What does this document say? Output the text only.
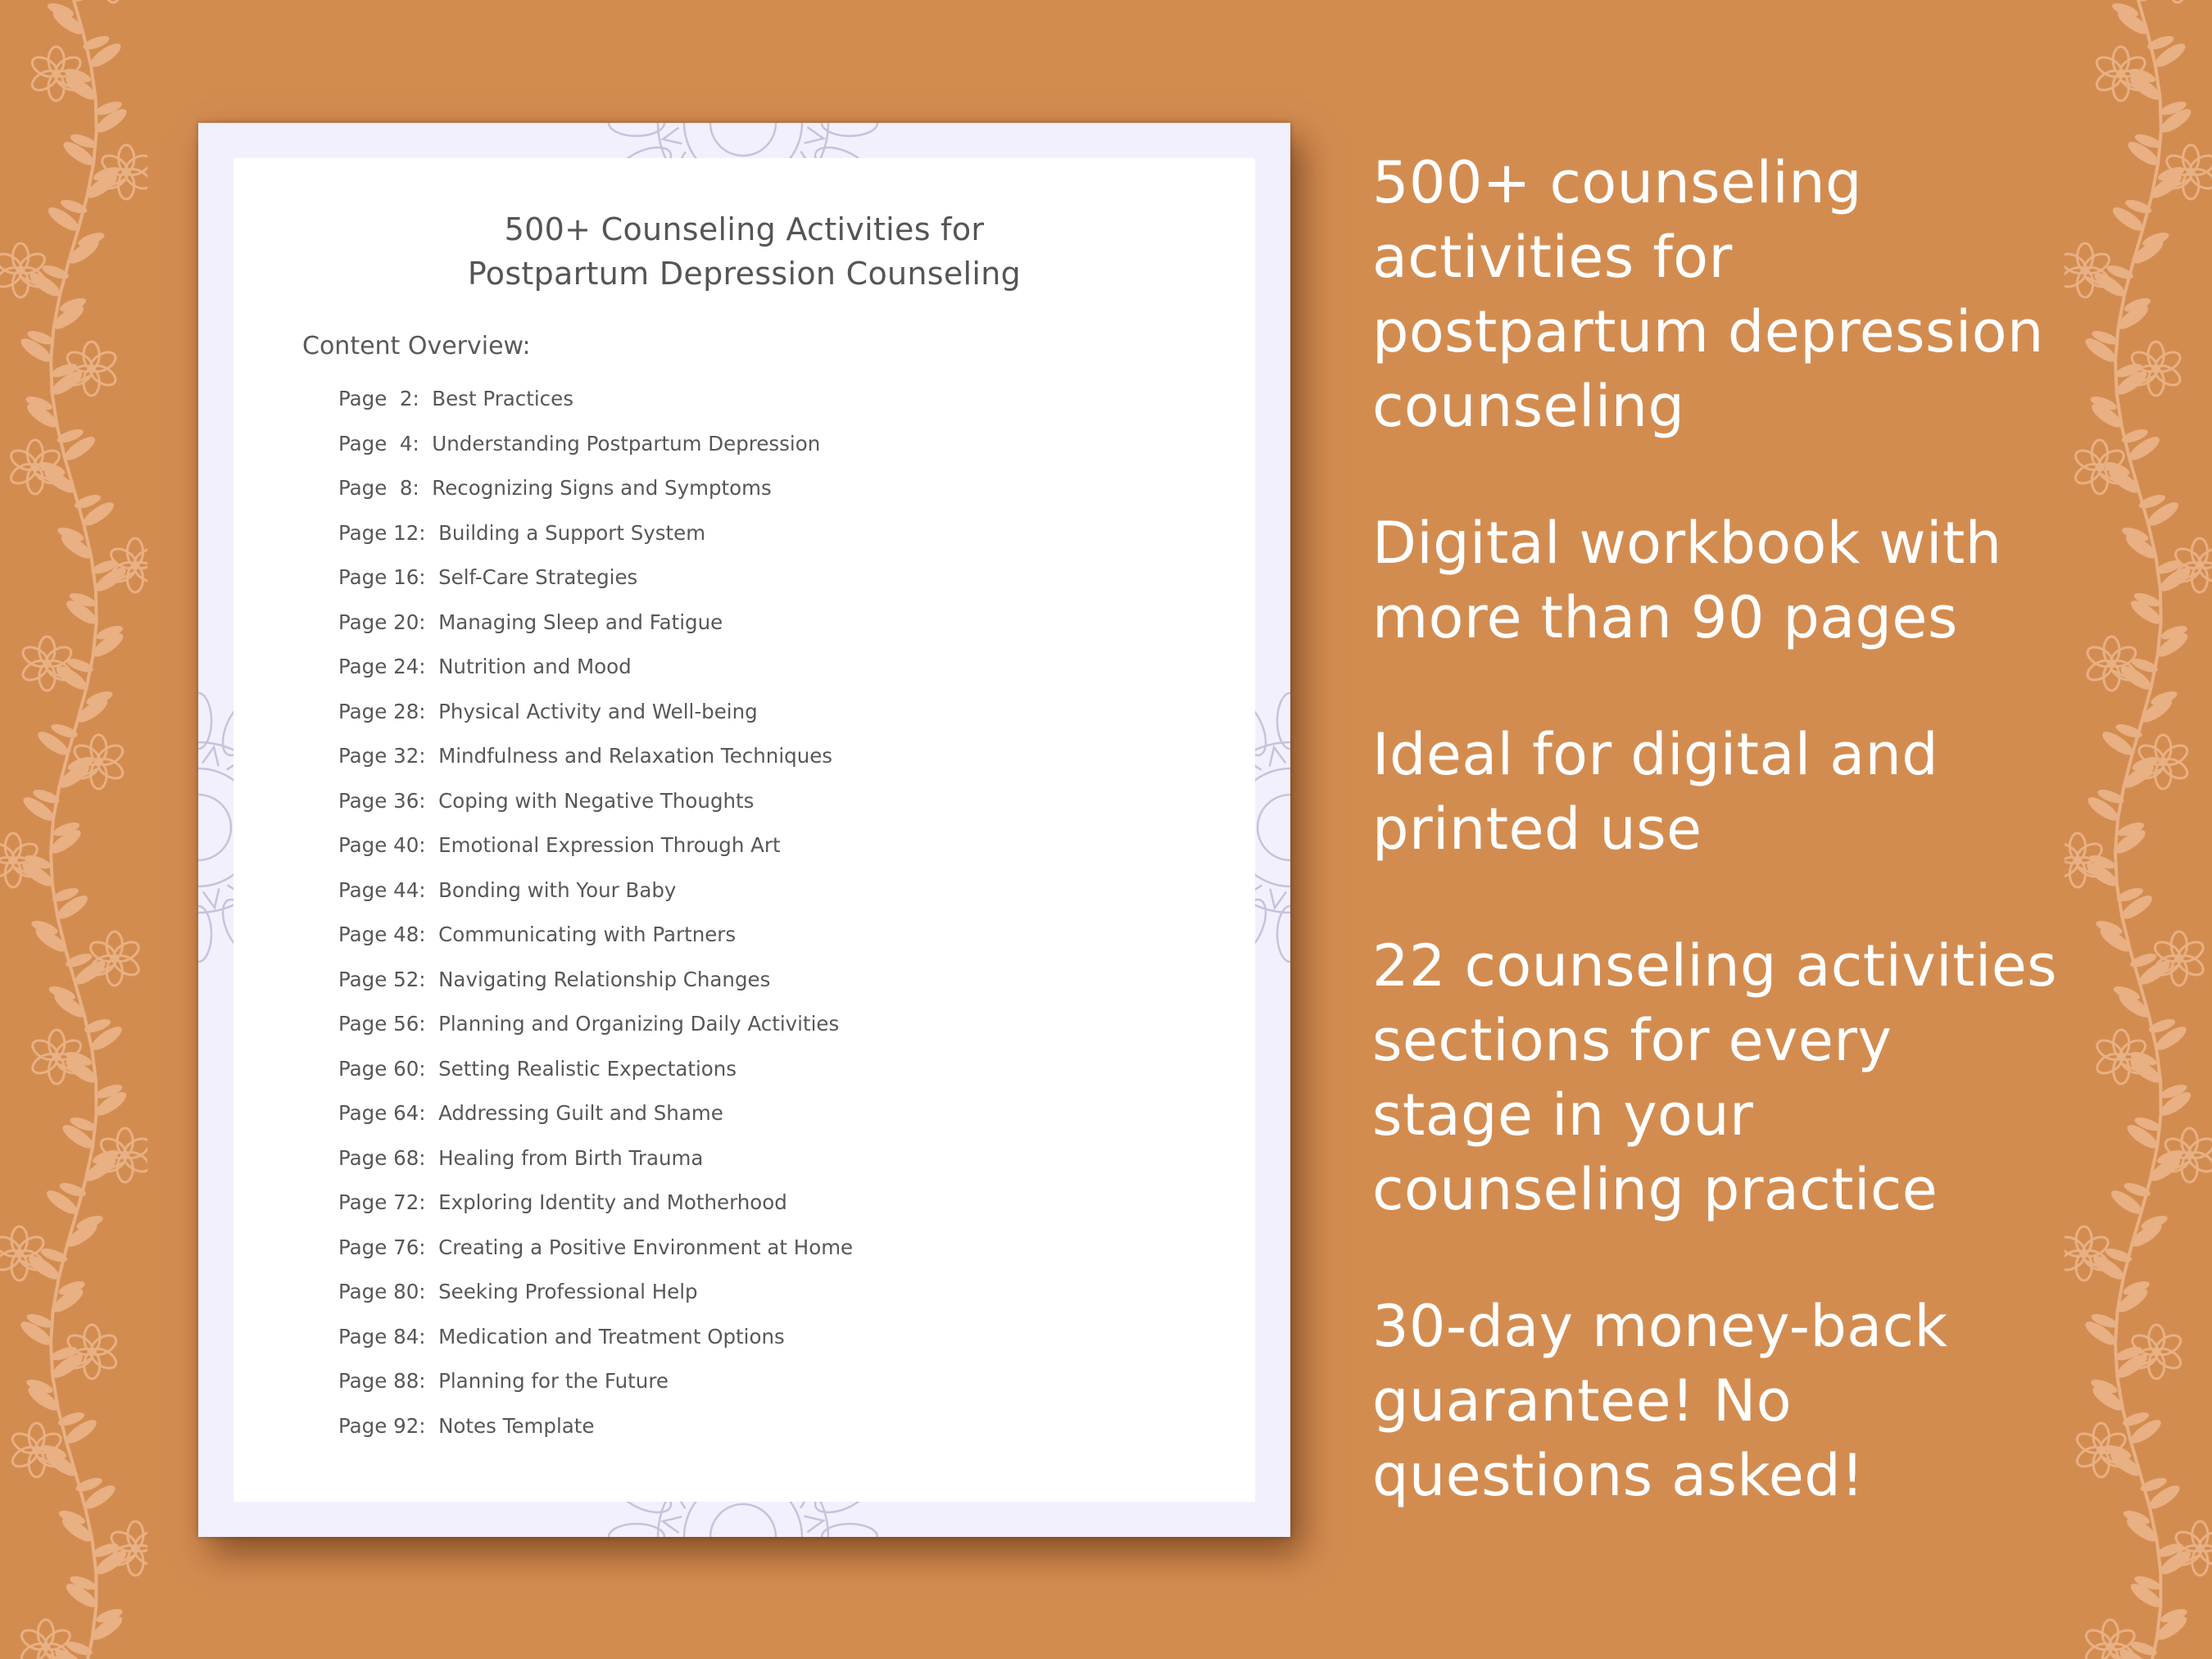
500+ Counseling Activities for
Postpartum Depression Counseling
Content Overview:
Page  2:  Best Practices
Page  4:  Understanding Postpartum Depression
Page  8:  Recognizing Signs and Symptoms
Page 12:  Building a Support System
Page 16:  Self-Care Strategies
Page 20:  Managing Sleep and Fatigue
Page 24:  Nutrition and Mood
Page 28:  Physical Activity and Well-being
Page 32:  Mindfulness and Relaxation Techniques
Page 36:  Coping with Negative Thoughts
Page 40:  Emotional Expression Through Art
Page 44:  Bonding with Your Baby
Page 48:  Communicating with Partners
Page 52:  Navigating Relationship Changes
Page 56:  Planning and Organizing Daily Activities
Page 60:  Setting Realistic Expectations
Page 64:  Addressing Guilt and Shame
Page 68:  Healing from Birth Trauma
Page 72:  Exploring Identity and Motherhood
Page 76:  Creating a Positive Environment at Home
Page 80:  Seeking Professional Help
Page 84:  Medication and Treatment Options
Page 88:  Planning for the Future
Page 92:  Notes Template
500+ counseling
activities for
postpartum depression
counseling
Digital workbook with
more than 90 pages
Ideal for digital and
printed use
22 counseling activities
sections for every
stage in your
counseling practice
30-day money-back
guarantee! No
questions asked!
